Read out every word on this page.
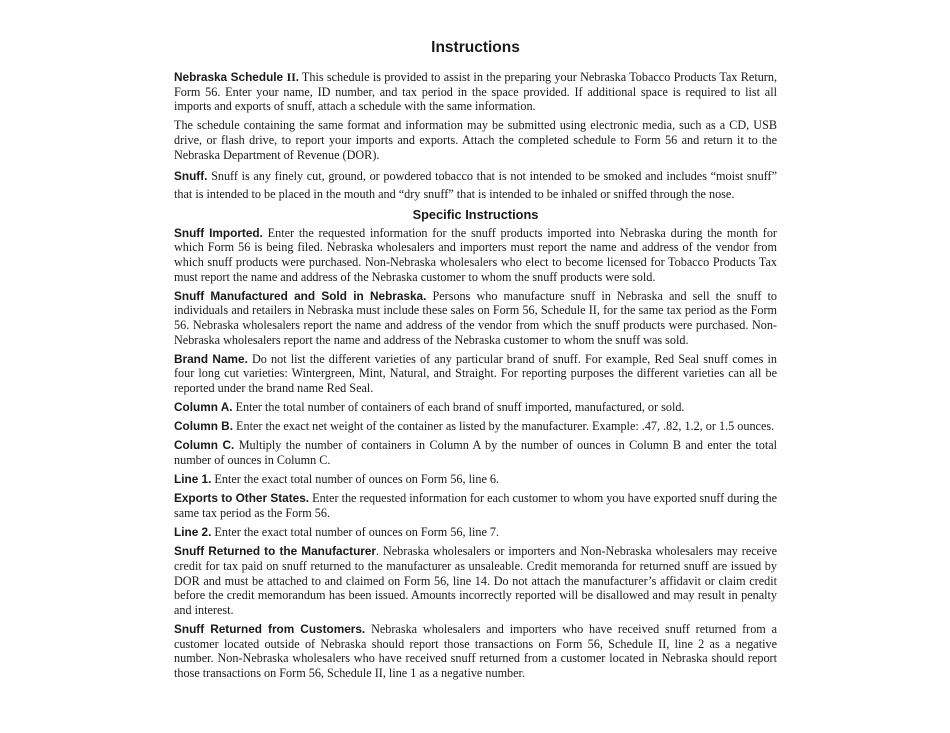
Instructions

Nebraska Schedule II. This schedule is provided to assist in the preparing your Nebraska Tobacco Products Tax Return, Form 56. Enter your name, ID number, and tax period in the space provided. If additional space is required to list all imports and exports of snuff, attach a schedule with the same information.

The schedule containing the same format and information may be submitted using electronic media, such as a CD, USB drive, or flash drive, to report your imports and exports. Attach the completed schedule to Form 56 and return it to the Nebraska Department of Revenue (DOR).

Snuff. Snuff is any finely cut, ground, or powdered tobacco that is not intended to be smoked and includes “moist snuff” that is intended to be placed in the mouth and “dry snuff” that is intended to be inhaled or sniffed through the nose.

Specific Instructions

Snuff Imported. Enter the requested information for the snuff products imported into Nebraska during the month for which Form 56 is being filed. Nebraska wholesalers and importers must report the name and address of the vendor from which snuff products were purchased. Non-Nebraska wholesalers who elect to become licensed for Tobacco Products Tax must report the name and address of the Nebraska customer to whom the snuff products were sold.

Snuff Manufactured and Sold in Nebraska. Persons who manufacture snuff in Nebraska and sell the snuff to individuals and retailers in Nebraska must include these sales on Form 56, Schedule II, for the same tax period as the Form 56. Nebraska wholesalers report the name and address of the vendor from which the snuff products were purchased. Non-Nebraska wholesalers report the name and address of the Nebraska customer to whom the snuff was sold.

Brand Name. Do not list the different varieties of any particular brand of snuff. For example, Red Seal snuff comes in four long cut varieties: Wintergreen, Mint, Natural, and Straight. For reporting purposes the different varieties can all be reported under the brand name Red Seal.

Column A. Enter the total number of containers of each brand of snuff imported, manufactured, or sold.

Column B. Enter the exact net weight of the container as listed by the manufacturer. Example: .47, .82, 1.2, or 1.5 ounces.

Column C. Multiply the number of containers in Column A by the number of ounces in Column B and enter the total number of ounces in Column C.

Line 1. Enter the exact total number of ounces on Form 56, line 6.

Exports to Other States. Enter the requested information for each customer to whom you have exported snuff during the same tax period as the Form 56.

Line 2. Enter the exact total number of ounces on Form 56, line 7.

Snuff Returned to the Manufacturer. Nebraska wholesalers or importers and Non-Nebraska wholesalers may receive credit for tax paid on snuff returned to the manufacturer as unsaleable. Credit memoranda for returned snuff are issued by DOR and must be attached to and claimed on Form 56, line 14. Do not attach the manufacturer’s affidavit or claim credit before the credit memorandum has been issued. Amounts incorrectly reported will be disallowed and may result in penalty and interest.

Snuff Returned from Customers. Nebraska wholesalers and importers who have received snuff returned from a customer located outside of Nebraska should report those transactions on Form 56, Schedule II, line 2 as a negative number. Non-Nebraska wholesalers who have received snuff returned from a customer located in Nebraska should report those transactions on Form 56, Schedule II, line 1 as a negative number.
